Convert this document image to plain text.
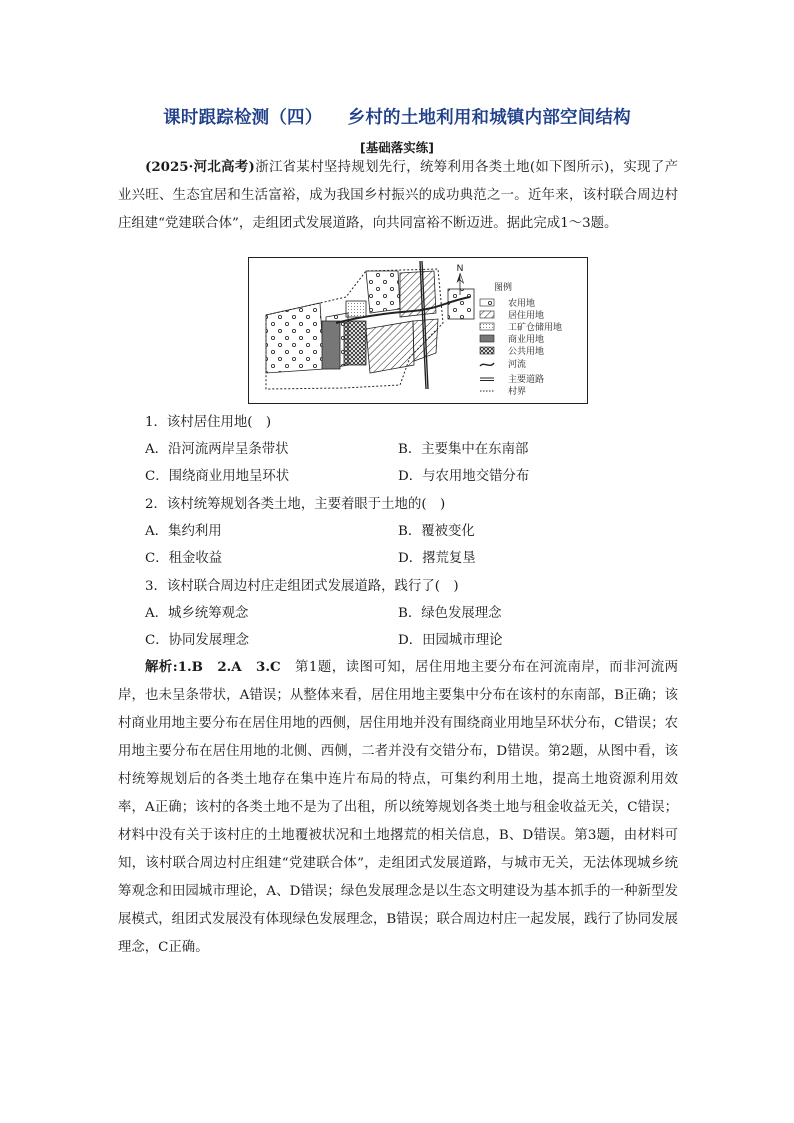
课时跟踪检测（四）    乡村的土地利用和城镇内部空间结构
[基础落实练]

(2025·河北高考)浙江省某村坚持规划先行，统筹利用各类土地(如下图所示)，实现了产业兴旺、生态宜居和生活富裕，成为我国乡村振兴的成功典范之一。近年来，该村联合周边村庄组建“党建联合体”，走组团式发展道路，向共同富裕不断迈进。据此完成1～3题。

N
图例
农用地
居住用地
工矿仓储用地
商业用地
公共用地
河流
主要道路
村界
1．该村居住用地(　)
A．沿河流两岸呈条带状	B．主要集中在东南部
C．围绕商业用地呈环状	D．与农用地交错分布
2．该村统筹规划各类土地，主要着眼于土地的(　)
A．集约利用	B．覆被变化
C．租金收益	D．撂荒复垦
3．该村联合周边村庄走组团式发展道路，践行了(　)
A．城乡统筹观念	B．绿色发展理念
C．协同发展理念	D．田园城市理论

解析:1.B　2.A　3.C　第1题，读图可知，居住用地主要分布在河流南岸，而非河流两岸，也未呈条带状，A错误；从整体来看，居住用地主要集中分布在该村的东南部，B正确；该村商业用地主要分布在居住用地的西侧，居住用地并没有围绕商业用地呈环状分布，C错误；农用地主要分布在居住用地的北侧、西侧，二者并没有交错分布，D错误。第2题，从图中看，该村统筹规划后的各类土地存在集中连片布局的特点，可集约利用土地，提高土地资源利用效率，A正确；该村的各类土地不是为了出租，所以统筹规划各类土地与租金收益无关，C错误；材料中没有关于该村庄的土地覆被状况和土地撂荒的相关信息，B、D错误。第3题，由材料可知，该村联合周边村庄组建“党建联合体”，走组团式发展道路，与城市无关，无法体现城乡统筹观念和田园城市理论，A、D错误；绿色发展理念是以生态文明建设为基本抓手的一种新型发展模式，组团式发展没有体现绿色发展理念，B错误；联合周边村庄一起发展，践行了协同发展理念，C正确。
